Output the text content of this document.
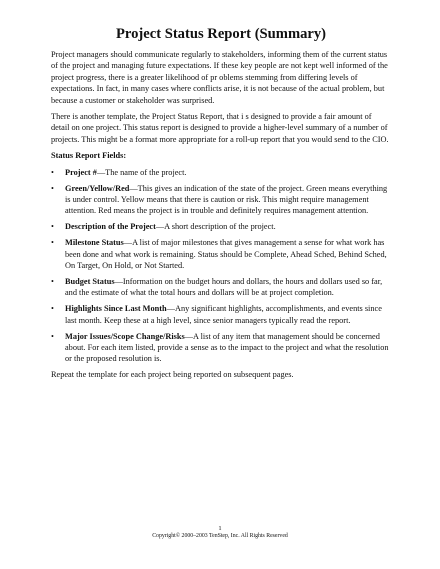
Project Status Report (Summary)

Project managers should communicate regularly to stakeholders, informing them of the current status of the project and managing future expectations. If these key people are not kept well informed of the project progress, there is a greater likelihood of pr oblems stemming from differing levels of expectations. In fact, in many cases where conflicts arise, it is not because of the actual problem, but because a customer or stakeholder was surprised.

There is another template, the Project Status Report, that i s designed to provide a fair amount of detail on one project. This status report is designed to provide a higher-level summary of a number of projects. This might be a format more appropriate for a roll-up report that you would send to the CIO.

Status Report Fields:
•	Project #—The name of the project.
•	Green/Yellow/Red—This gives an indication of the state of the project. Green means everything is under control. Yellow means that there is caution or risk. This might require management attention. Red means the project is in trouble and definitely requires management attention.
•	Description of the Project—A short description of the project.
•	Milestone Status—A list of major milestones that gives management a sense for what work has been done and what work is remaining. Status should be Complete, Ahead Sched, Behind Sched, On Target, On Hold, or Not Started.
•	Budget Status—Information on the budget hours and dollars, the hours and dollars used so far, and the estimate of what the total hours and dollars will be at project completion.
•	Highlights Since Last Month—Any significant highlights, accomplishments, and events since last month. Keep these at a high level, since senior managers typically read the report.
•	Major Issues/Scope Change/Risks—A list of any item that management should be concerned about. For each item listed, provide a sense as to the impact to the project and what the resolution or the proposed resolution is.

Repeat the template for each project being reported on subsequent pages.

1
Copyright© 2000–2003 TenStep, Inc. All Rights Reserved
